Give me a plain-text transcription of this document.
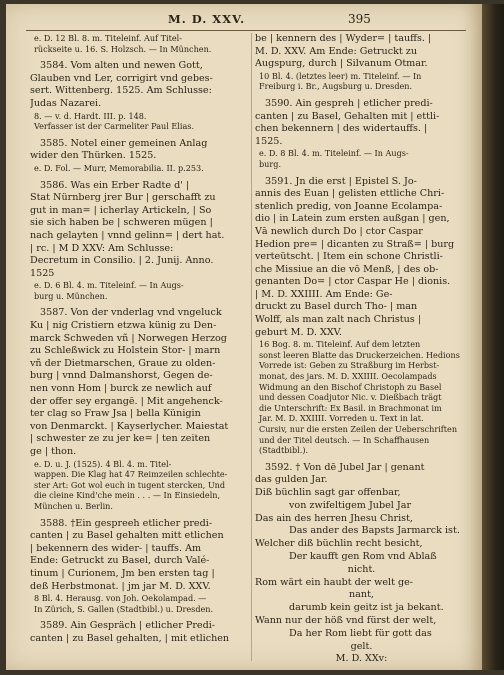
M. D. XXV.	395
e. D. 12 Bl. 8. m. Titeleinf. Auf Titel-
rückseite u. 16. S. Holzsch. — In München.
3584. Vom alten und newen Gott,
Glauben vnd Ler, corrigirt vnd gebes-
sert. Wittenberg. 1525. Am Schlusse:
Judas Nazarei.
8. — v. d. Hardt. III. p. 148.
Verfasser ist der Carmeliter Paul Elias.
3585. Notel einer gemeinen Anlag
wider den Thürken. 1525.
e. D. Fol. — Murr, Memorabilia. II. p.253.
3586. Was ein Erber Radte d' |
Stat Nürnberg jrer Bur | gerschafft zu
gut in man= | icherlay Artickeln, | So
sie sich haben be | schweren mügen |
nach gelayten | vnnd gelinn= | dert hat.
| rc. | M D XXV: Am Schlusse:
Decretum in Consilio. | 2. Junij. Anno.
1525
e. D. 6 Bl. 4. m. Titeleinf. — In Augs-
burg u. München.
3587. Von der vnderlag vnd vngeluck
Ku | nig Cristiern etzwa künig zu Den-
marck Schweden vñ | Norwegen Herzog
zu Schleßwick zu Holstein Stor- | marn
vñ der Dietmarschen, Graue zu olden-
burg | vnnd Dalmanshorst, Gegen de-
nen vonn Hom | burck ze newlich auf
der offer sey ergangē. | Mit angehenck-
ter clag so Fraw Jsa | bella Künigin
von Denmarckt. | Kayserlycher. Maiestat
| schwester ze zu jer ke= | ten zeiten
ge | thon.
e. D. u. J. (1525). 4 Bl. 4. m. Titel-
wappen. Die Klag hat 47 Reimzeilen schlechte-
ster Art: Got wol euch in tugent stercken, Und
die cleine Kind'che mein . . . — In Einsiedeln,
München u. Berlin.
3588. †Ein gespreeh etlicher predi-
canten | zu Basel gehalten mitt etlichen
| bekennern des wider- | tauffs. Am
Ende: Getruckt zu Basel, durch Valé-
tinum | Curionem, Jm ben ersten tag |
deß Herbstmonat. | jm jar M. D. XXV.
8 Bl. 4. Herausg. von Joh. Oekolampad. —
In Zürich, S. Gallen (Stadtbibl.) u. Dresden.
3589. Ain Gespräch | etlicher Predi-
canten | zu Basel gehalten, | mit etlichen
be | kennern des | Wyder= | tauffs. |
M. D. XXV. Am Ende: Getruckt zu
Augspurg, durch | Silvanum Otmar.
10 Bl. 4. (letztes leer) m. Titeleinf. — In
Freiburg i. Br., Augsburg u. Dresden.
3590. Ain gespreh | etlicher predi-
canten | zu Basel, Gehalten mit | ettli-
chen bekennern | des widertauffs. |
1525.
e. D. 8 Bl. 4. m. Titeleinf. — In Augs-
burg.
3591. Jn die erst | Epistel S. Jo-
annis des Euan | gelisten ettliche Chri-
stenlich predig, von Joanne Ecolampa-
dio | in Latein zum ersten außgan | gen,
Vā newlich durch Do | ctor Caspar
Hedion pre= | dicanten zu Straß= | burg
verteütscht. | Item ein schone Christli-
che Missiue an die vō Menß, | des ob-
genanten Do= | ctor Caspar He | dionis.
| M. D. XXIIII. Am Ende: Ge-
druckt zu Basel durch Tho- | man
Wolff, als man zalt nach Christus |
geburt M. D. XXV.
16 Bog. 8. m. Titeleinf. Auf dem letzten
sonst leeren Blatte das Druckerzeichen. Hedions
Vorrede ist: Geben zu Straßburg im Herbst-
monat, des jars. M. D. XXIIII. Oecolampads
Widmung an den Bischof Christoph zu Basel
und dessen Coadjutor Nic. v. Dießbach trägt
die Unterschrift: Ex Basil. in Brachmonat im
Jar. M. D. XXIIII. Vorreden u. Text in lat.
Cursiv, nur die ersten Zeilen der Ueberschriften
und der Titel deutsch. — In Schaffhausen
(Stadtbibl.).
3592. † Von dē Jubel Jar | genant
das gulden Jar.
Diß büchlin sagt gar offenbar,
von zwifeltigem Jubel Jar
Das ain des herren Jhesu Christ,
Das ander des Bapsts Jarmarck ist.
Welcher diß büchlin recht besicht,
Der kaufft gen Rom vnd Ablaß
nicht.
Rom wärt ein haubt der welt ge-
nant,
darumb kein geitz ist ja bekant.
Wann nur der höß vnd fürst der welt,
Da her Rom liebt für gott das
gelt.
M. D. XXv:
